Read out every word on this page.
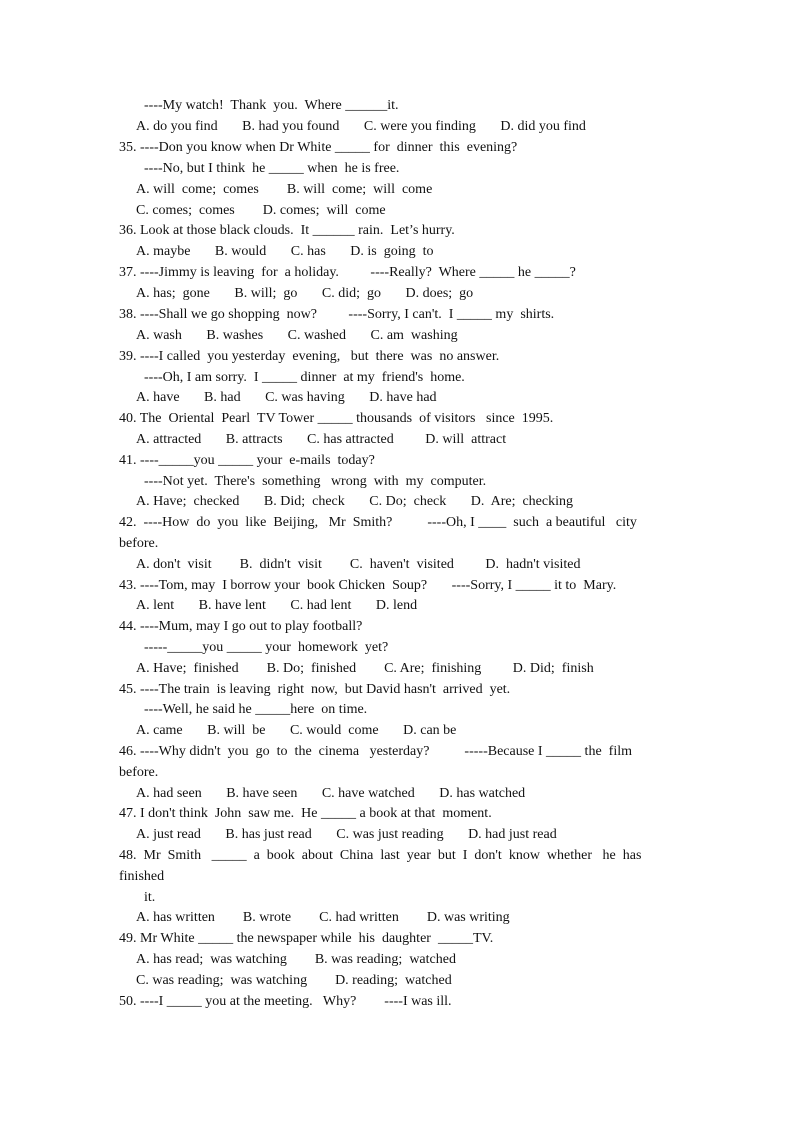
----My watch!  Thank  you.  Where ______it.
A. do you find       B. had you found       C. were you finding       D. did you find
35. ----Don you know when Dr White _____ for  dinner  this  evening?
----No, but I think  he _____ when  he is free.
A. will  come;  comes        B. will  come;  will  come
C. comes;  comes        D. comes;  will  come
36. Look at those black clouds.  It ______ rain.  Let’s hurry.
A. maybe       B. would       C. has       D. is  going  to
37. ----Jimmy is leaving  for  a holiday.         ----Really?  Where _____ he _____?
A. has;  gone       B. will;  go       C. did;  go       D. does;  go
38. ----Shall we go shopping  now?         ----Sorry, I can't.  I _____ my  shirts.
A. wash       B. washes       C. washed       C. am  washing
39. ----I called  you yesterday  evening,   but  there  was  no answer.
----Oh, I am sorry.  I _____ dinner  at my  friend's  home.
A. have       B. had       C. was having       D. have had
40. The  Oriental  Pearl  TV Tower _____ thousands  of visitors   since  1995.
A. attracted       B. attracts       C. has attracted         D. will  attract
41. ----_____you _____ your  e-mails  today?
----Not yet.  There's  something   wrong  with  my  computer.
A. Have;  checked       B. Did;  check       C. Do;  check       D.  Are;  checking
42.  ----How  do  you  like  Beijing,   Mr  Smith?          ----Oh, I ____  such  a beautiful   city
before.
A. don't  visit        B.  didn't  visit        C.  haven't  visited         D.  hadn't visited
43. ----Tom, may  I borrow your  book Chicken  Soup?       ----Sorry, I _____ it to  Mary.
A. lent       B. have lent       C. had lent       D. lend
44. ----Mum, may I go out to play football?
-----_____you _____ your  homework  yet?
A. Have;  finished        B. Do;  finished        C. Are;  finishing         D. Did;  finish
45. ----The train  is leaving  right  now,  but David hasn't  arrived  yet.
----Well, he said he _____here  on time.
A. came       B. will  be       C. would  come       D. can be
46. ----Why didn't  you  go  to  the  cinema   yesterday?          -----Because I _____ the  film
before.
A. had seen       B. have seen       C. have watched       D. has watched
47. I don't think  John  saw me.  He _____ a book at that  moment.
A. just read       B. has just read       C. was just reading       D. had just read
48.  Mr  Smith   _____  a  book  about  China  last  year  but  I  don't  know  whether   he  has
finished
it.
A. has written        B. wrote        C. had written        D. was writing
49. Mr White _____ the newspaper while  his  daughter  _____TV.
A. has read;  was watching        B. was reading;  watched
C. was reading;  was watching        D. reading;  watched
50. ----I _____ you at the meeting.   Why?        ----I was ill.
